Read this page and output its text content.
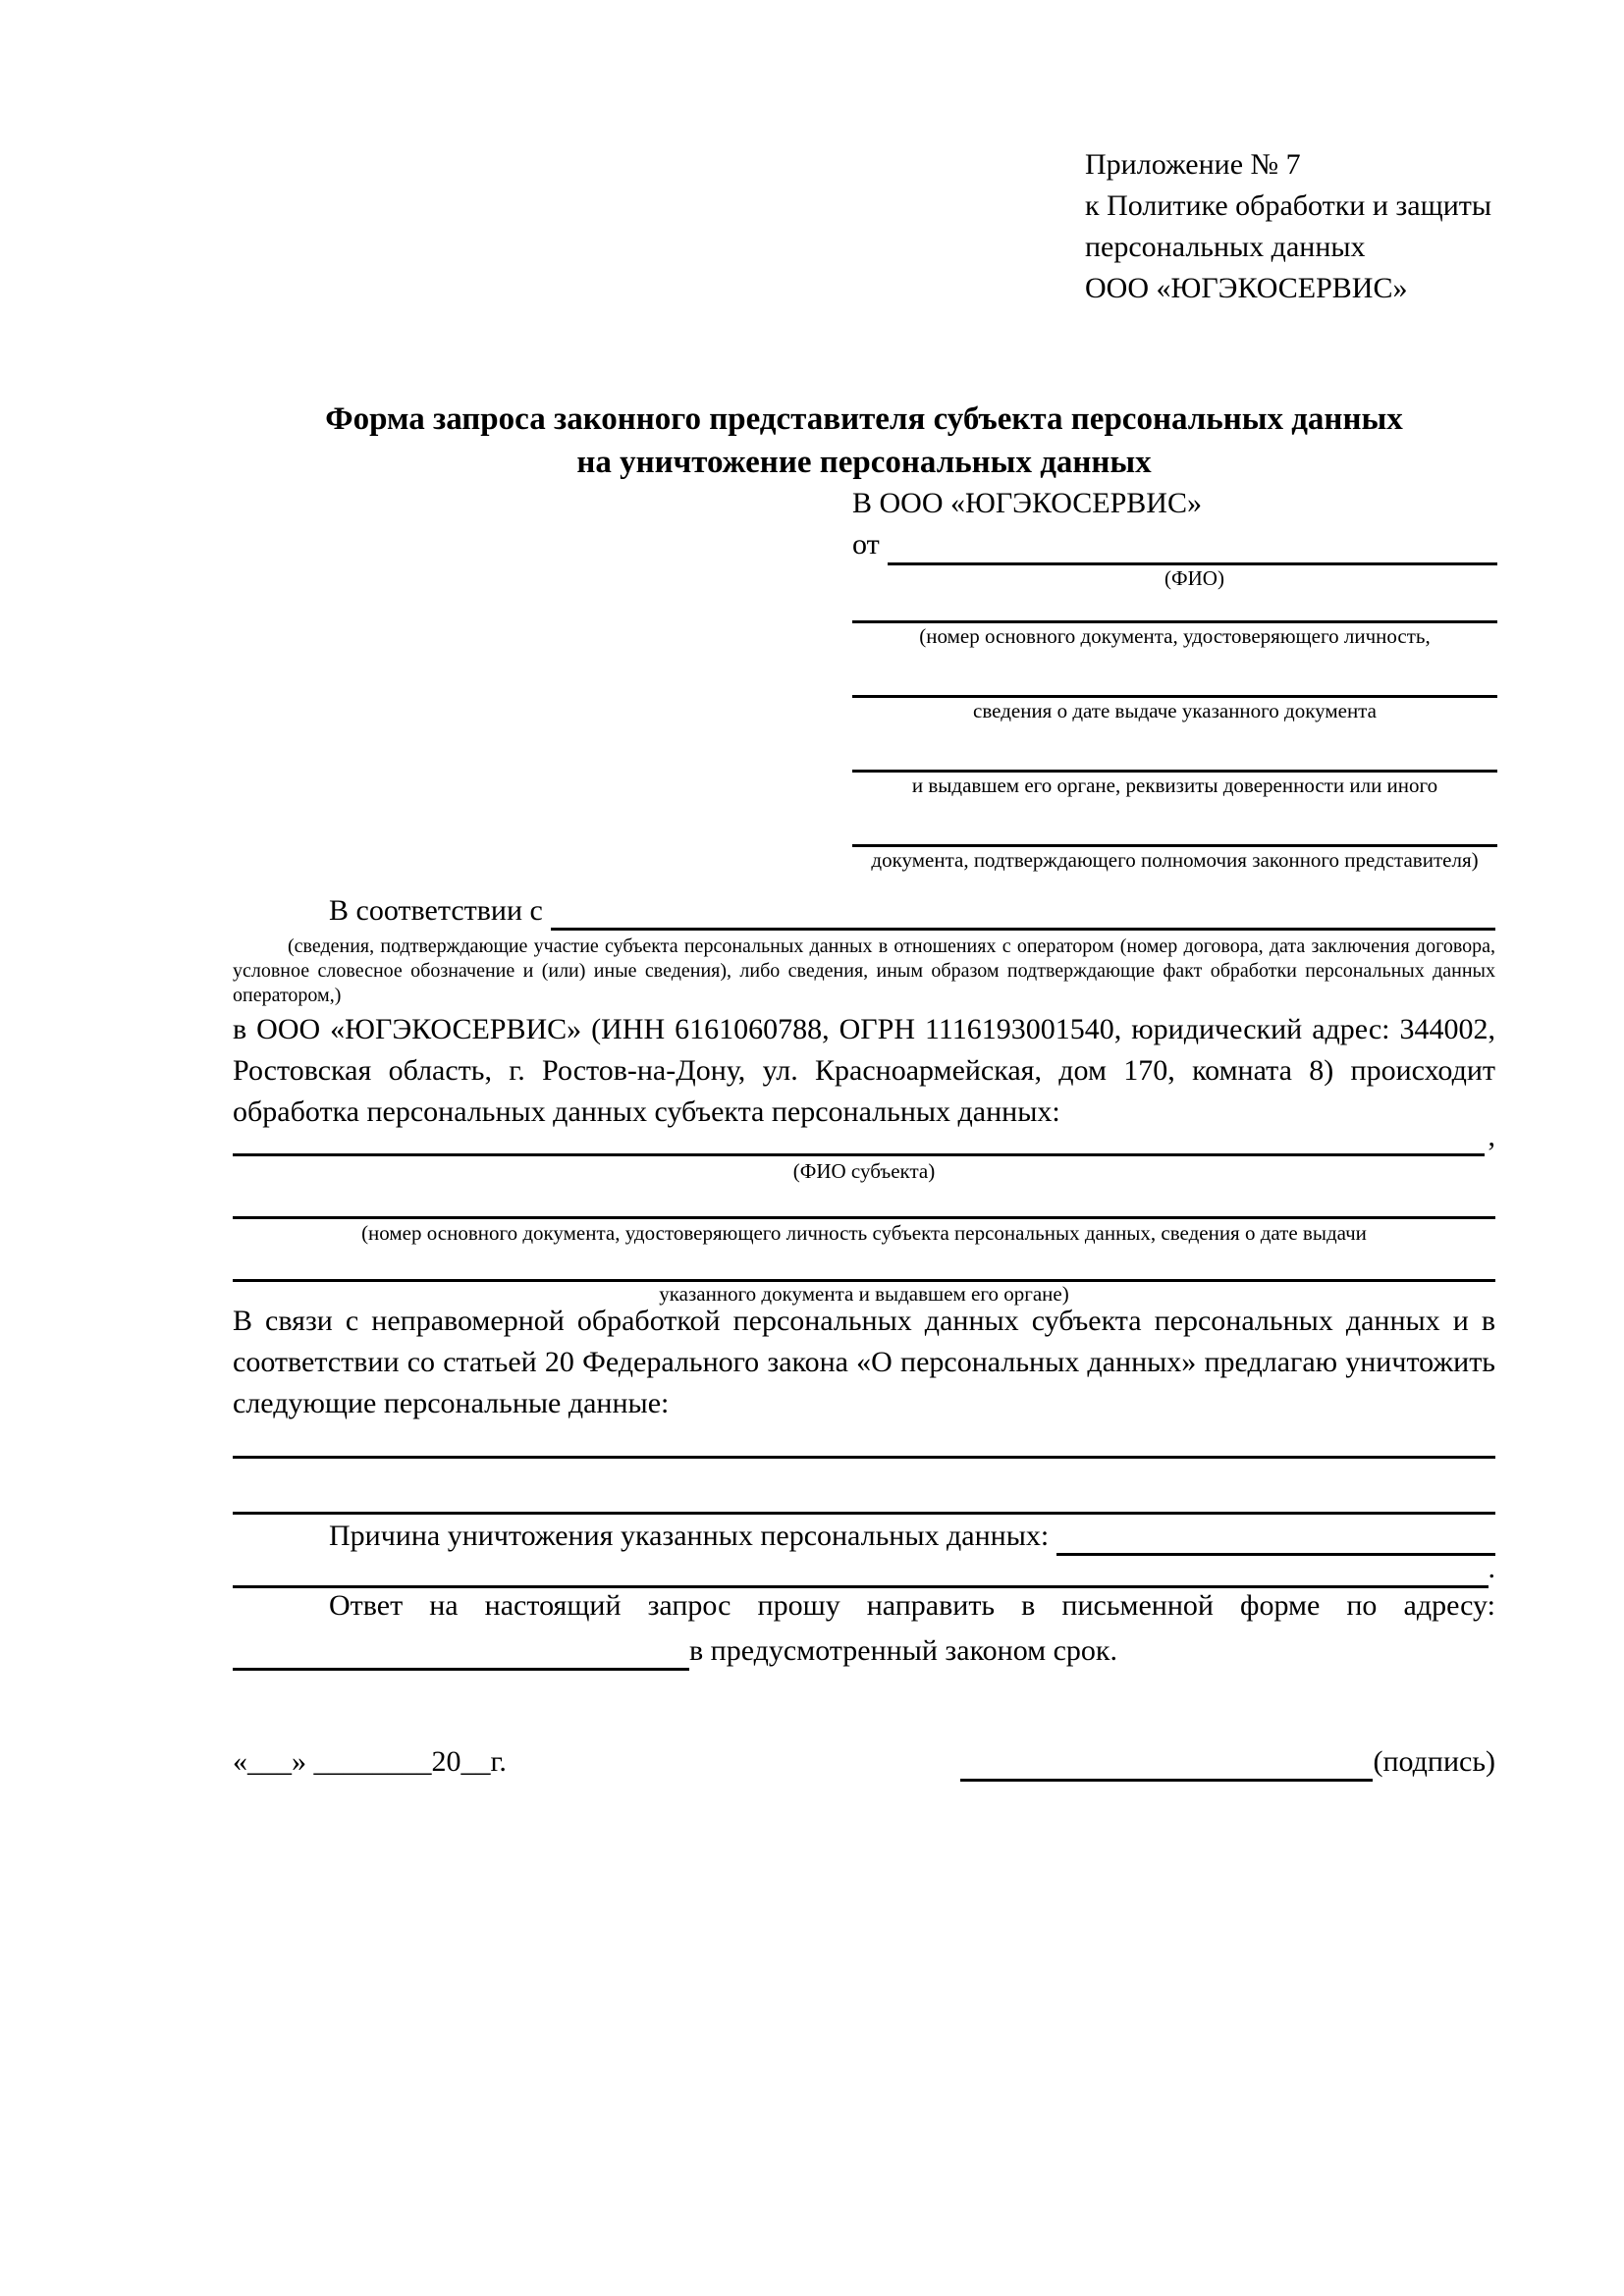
Приложение № 7
к Политике обработки и защиты
персональных данных
ООО «ЮГЭКОСЕРВИС»
Форма запроса законного представителя субъекта персональных данных
на уничтожение персональных данных
В ООО «ЮГЭКОСЕРВИС»
от
(ФИО)
(номер основного документа, удостоверяющего личность,
сведения о дате выдаче указанного документа
и выдавшем его органе, реквизиты доверенности или иного
документа, подтверждающего полномочия законного представителя)
В соответствии с
(сведения, подтверждающие участие субъекта персональных данных в отношениях с оператором (номер договора, дата заключения договора, условное словесное обозначение и (или) иные сведения), либо сведения, иным образом подтверждающие факт обработки персональных данных оператором,)
в ООО «ЮГЭКОСЕРВИС» (ИНН 6161060788, ОГРН 1116193001540, юридический адрес: 344002, Ростовская область, г. Ростов-на-Дону, ул. Красноармейская, дом 170, комната 8) происходит обработка персональных данных субъекта персональных данных:
,
(ФИО субъекта)
(номер основного документа, удостоверяющего личность субъекта персональных данных, сведения о дате выдачи
указанного документа и выдавшем его органе)
В связи с неправомерной обработкой персональных данных субъекта персональных данных и в соответствии со статьей 20 Федерального закона «О персональных данных» предлагаю уничтожить следующие персональные данные:
Причина уничтожения указанных персональных данных:
.
Ответ на настоящий запрос прошу направить в письменной форме по адресу:
в предусмотренный законом срок.
«___» ________20__г.	(подпись)
